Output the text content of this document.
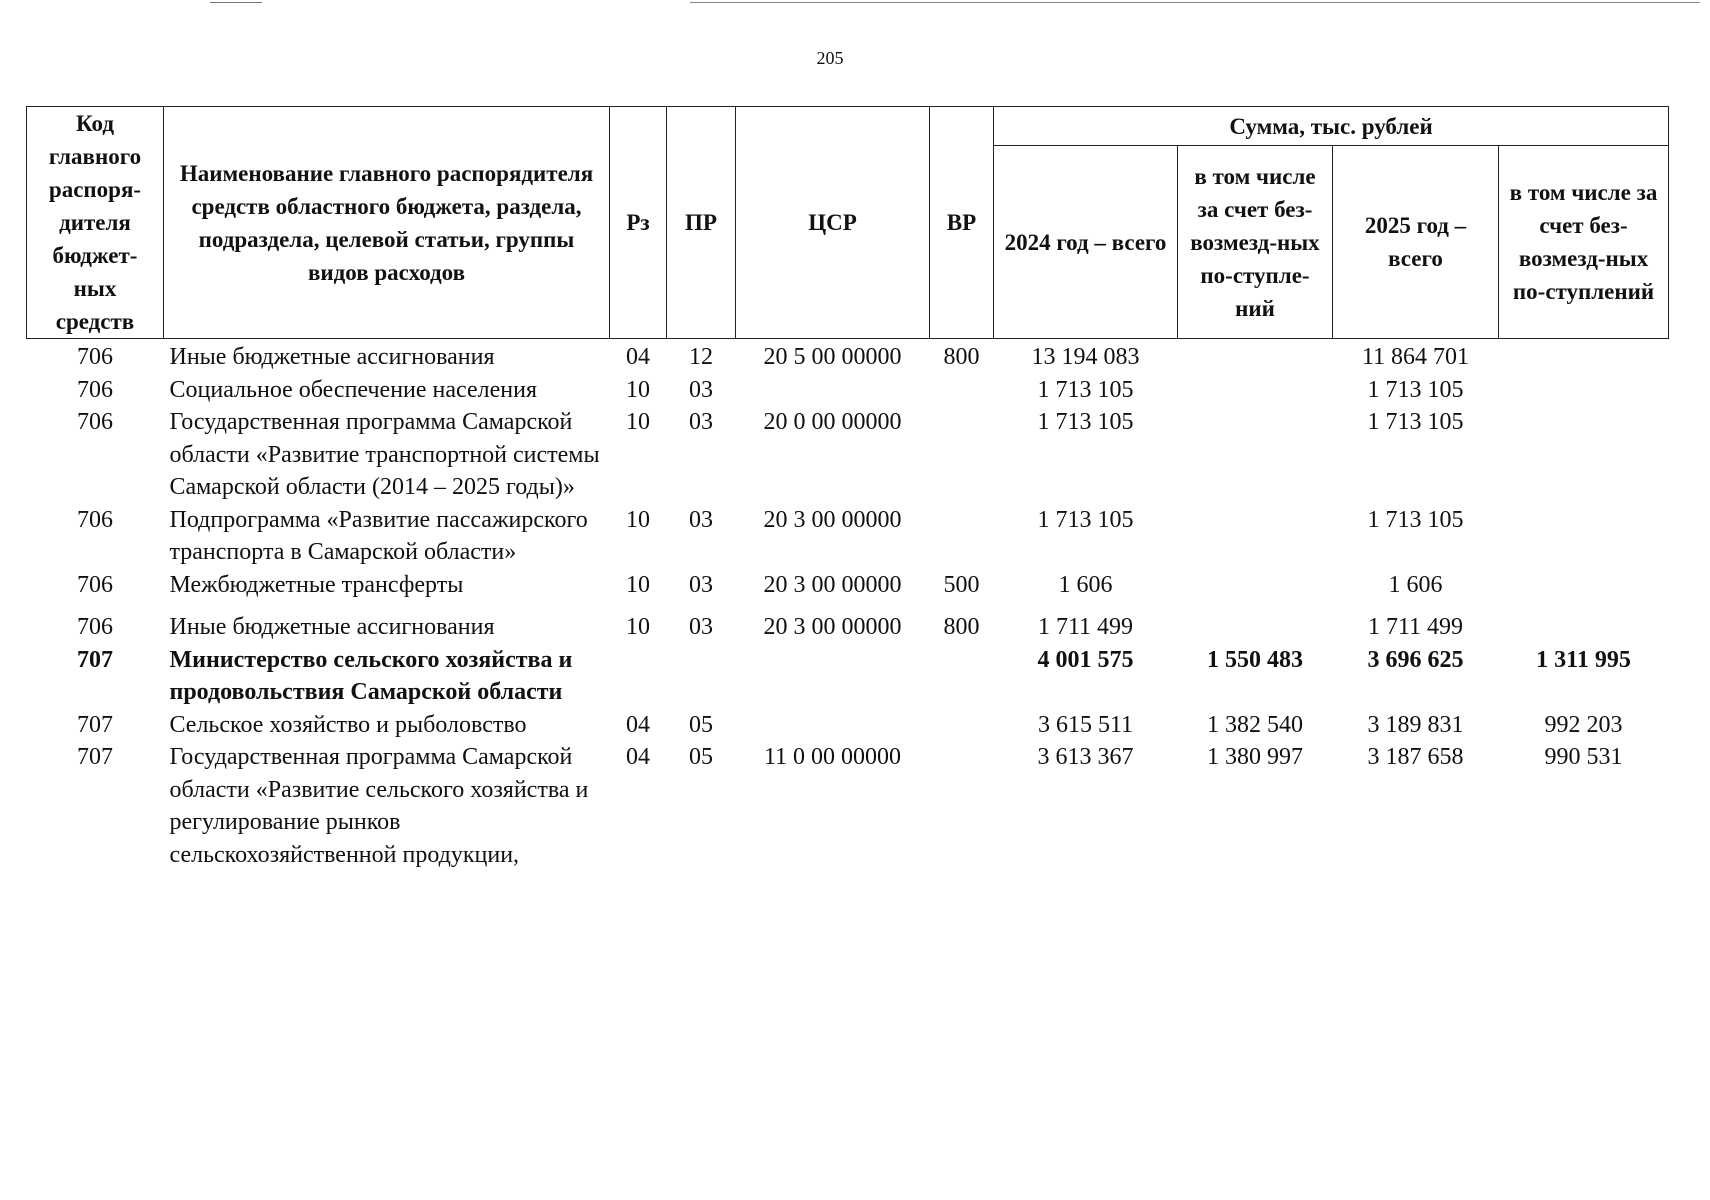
205
Код главного распоря-дителя бюджет-ных средств	Наименование главного распорядителя средств областного бюджета, раздела, подраздела, целевой статьи, группы видов расходов	Рз	ПР	ЦСР	ВР	Сумма, тыс. рублей			
						2024 год – всего	в том числе за счет без-возмезд-ных по-ступле-ний	2025 год – всего	в том числе за счет без-возмезд-ных по-ступлений
706	Иные бюджетные ассигнования	04	12	20 5 00 00000	800	13 194 083		11 864 701	
706	Социальное обеспечение населения	10	03			1 713 105		1 713 105	
706	Государственная программа Самарской области «Развитие транспортной системы Самарской области (2014 – 2025 годы)»	10	03	20 0 00 00000		1 713 105		1 713 105	
706	Подпрограмма «Развитие пассажирского транспорта в Самарской области»	10	03	20 3 00 00000		1 713 105		1 713 105	
706	Межбюджетные трансферты	10	03	20 3 00 00000	500	1 606		1 606	
706	Иные бюджетные ассигнования	10	03	20 3 00 00000	800	1 711 499		1 711 499	
707	Министерство сельского хозяйства и продовольствия Самарской области					4 001 575	1 550 483	3 696 625	1 311 995
707	Сельское хозяйство и рыболовство	04	05			3 615 511	1 382 540	3 189 831	992 203
707	Государственная программа Самарской области «Развитие сельского хозяйства и регулирование рынков сельскохозяйственной продукции,	04	05	11 0 00 00000		3 613 367	1 380 997	3 187 658	990 531
